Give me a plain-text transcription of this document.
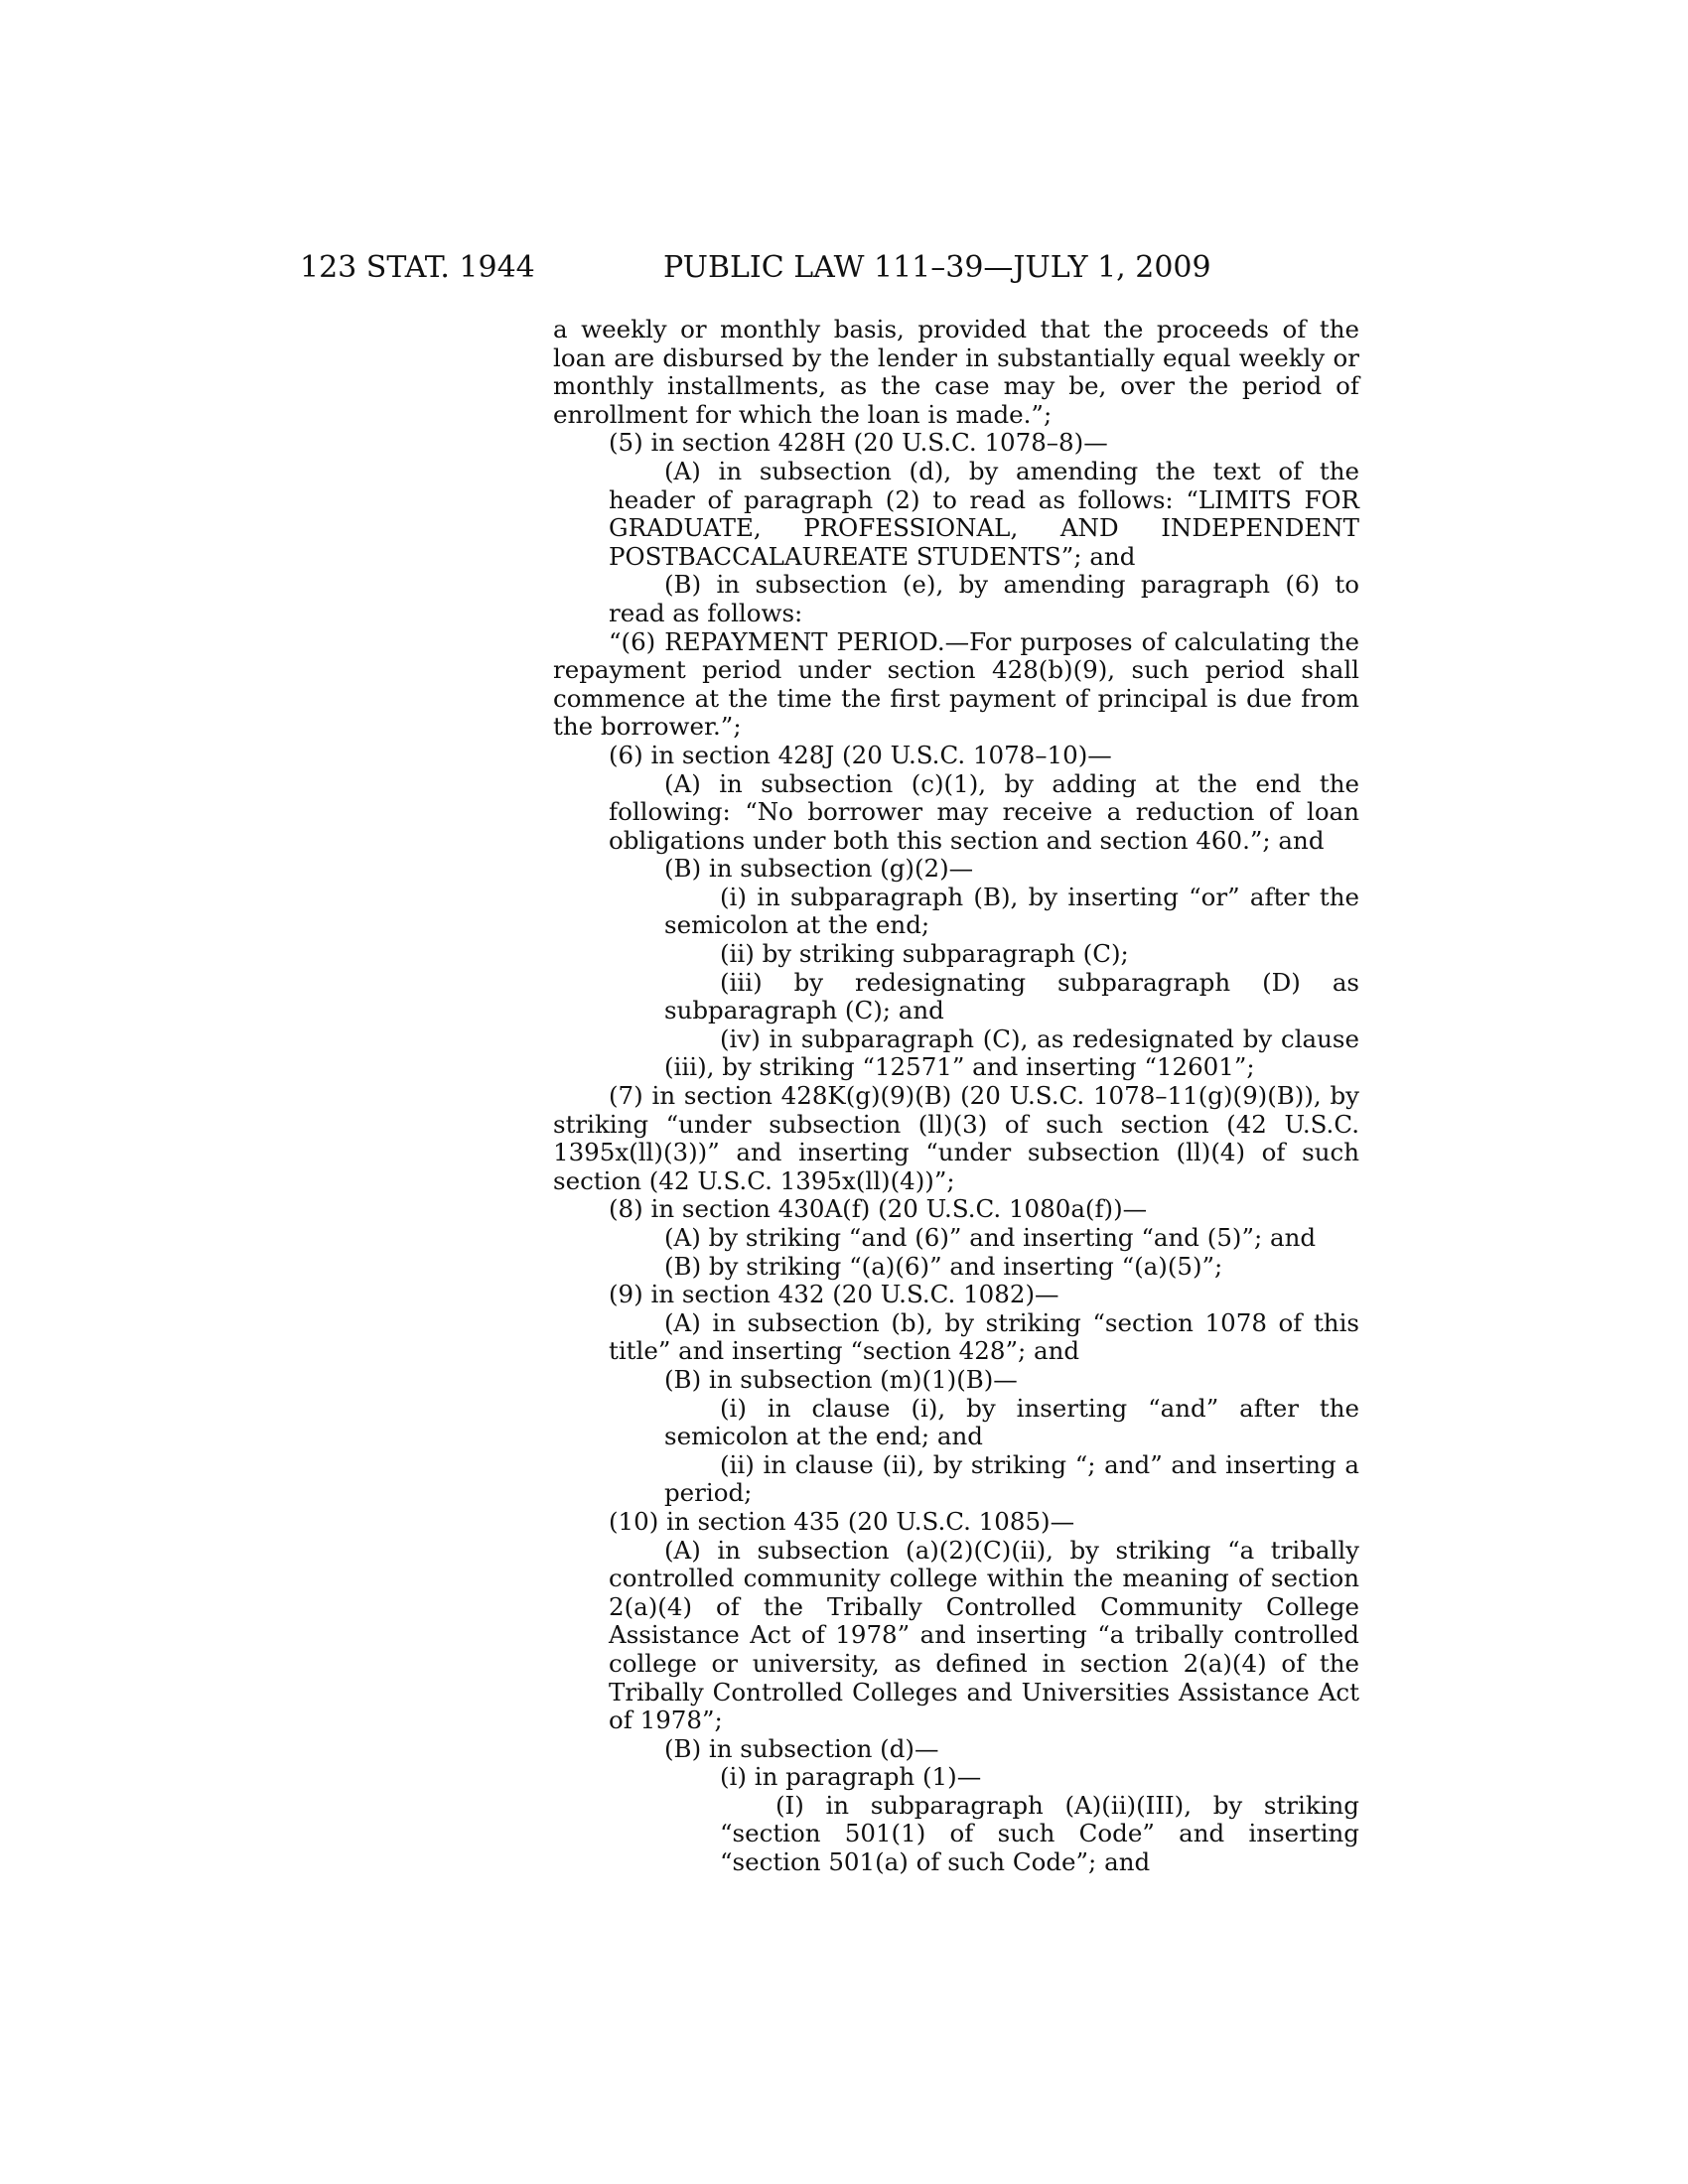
123 STAT. 1944	PUBLIC LAW 111–39—JULY 1, 2009

a weekly or monthly basis, provided that the proceeds of the loan are disbursed by the lender in substantially equal weekly or monthly installments, as the case may be, over the period of enrollment for which the loan is made.”;

(5) in section 428H (20 U.S.C. 1078–8)—

(A) in subsection (d), by amending the text of the header of paragraph (2) to read as follows: “LIMITS FOR GRADUATE, PROFESSIONAL, AND INDEPENDENT POSTBACCALAUREATE STUDENTS”; and

(B) in subsection (e), by amending paragraph (6) to read as follows:

“(6) REPAYMENT PERIOD.—For purposes of calculating the repayment period under section 428(b)(9), such period shall commence at the time the first payment of principal is due from the borrower.”;

(6) in section 428J (20 U.S.C. 1078–10)—

(A) in subsection (c)(1), by adding at the end the following: “No borrower may receive a reduction of loan obligations under both this section and section 460.”; and

(B) in subsection (g)(2)—

(i) in subparagraph (B), by inserting “or” after the semicolon at the end;

(ii) by striking subparagraph (C);

(iii) by redesignating subparagraph (D) as subparagraph (C); and

(iv) in subparagraph (C), as redesignated by clause (iii), by striking “12571” and inserting “12601”;

(7) in section 428K(g)(9)(B) (20 U.S.C. 1078–11(g)(9)(B)), by striking “under subsection (ll)(3) of such section (42 U.S.C. 1395x(ll)(3))” and inserting “under subsection (ll)(4) of such section (42 U.S.C. 1395x(ll)(4))”;

(8) in section 430A(f) (20 U.S.C. 1080a(f))—

(A) by striking “and (6)” and inserting “and (5)”; and

(B) by striking “(a)(6)” and inserting “(a)(5)”;

(9) in section 432 (20 U.S.C. 1082)—

(A) in subsection (b), by striking “section 1078 of this title” and inserting “section 428”; and

(B) in subsection (m)(1)(B)—

(i) in clause (i), by inserting “and” after the semicolon at the end; and

(ii) in clause (ii), by striking “; and” and inserting a period;

(10) in section 435 (20 U.S.C. 1085)—

(A) in subsection (a)(2)(C)(ii), by striking “a tribally controlled community college within the meaning of section 2(a)(4) of the Tribally Controlled Community College Assistance Act of 1978” and inserting “a tribally controlled college or university, as defined in section 2(a)(4) of the Tribally Controlled Colleges and Universities Assistance Act of 1978”;

(B) in subsection (d)—

(i) in paragraph (1)—

(I) in subparagraph (A)(ii)(III), by striking “section 501(1) of such Code” and inserting “section 501(a) of such Code”; and
